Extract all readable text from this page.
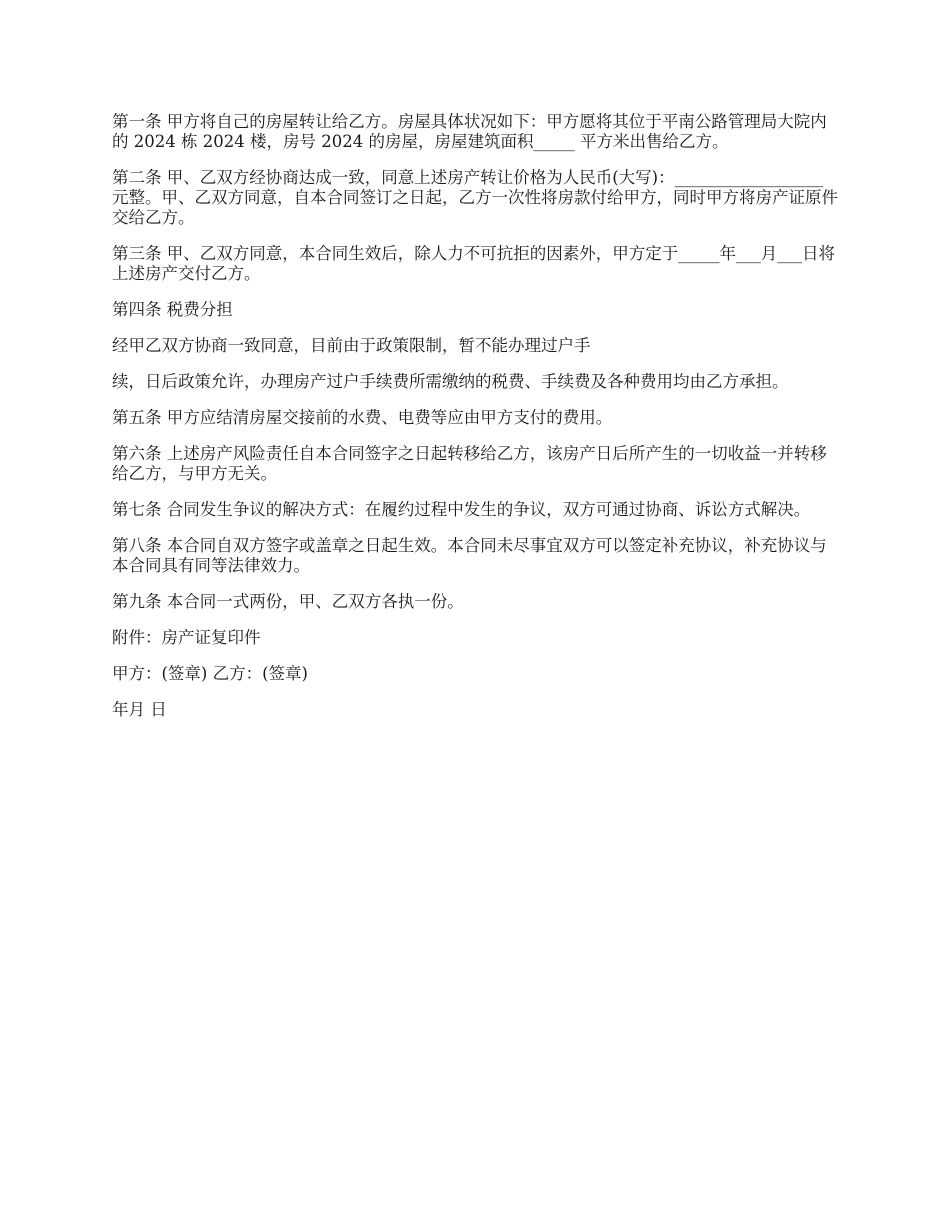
第一条 甲方将自己的房屋转让给乙方。房屋具体状况如下：甲方愿将其位于平南公路管理局大院内的 2024 栋 2024 楼，房号 2024 的房屋，房屋建筑面积_____ 平方米出售给乙方。

第二条 甲、乙双方经协商达成一致，同意上述房产转让价格为人民币(大写)：__________________ 元整。甲、乙双方同意，自本合同签订之日起，乙方一次性将房款付给甲方，同时甲方将房产证原件交给乙方。

第三条 甲、乙双方同意，本合同生效后，除人力不可抗拒的因素外，甲方定于_____年___月___日将上述房产交付乙方。

第四条 税费分担

经甲乙双方协商一致同意，目前由于政策限制，暂不能办理过户手

续，日后政策允许，办理房产过户手续费所需缴纳的税费、手续费及各种费用均由乙方承担。

第五条 甲方应结清房屋交接前的水费、电费等应由甲方支付的费用。

第六条 上述房产风险责任自本合同签字之日起转移给乙方，该房产日后所产生的一切收益一并转移给乙方，与甲方无关。

第七条 合同发生争议的解决方式：在履约过程中发生的争议，双方可通过协商、诉讼方式解决。

第八条 本合同自双方签字或盖章之日起生效。本合同未尽事宜双方可以签定补充协议，补充协议与本合同具有同等法律效力。

第九条 本合同一式两份，甲、乙双方各执一份。

附件：房产证复印件

甲方：(签章) 乙方：(签章)

年月 日
